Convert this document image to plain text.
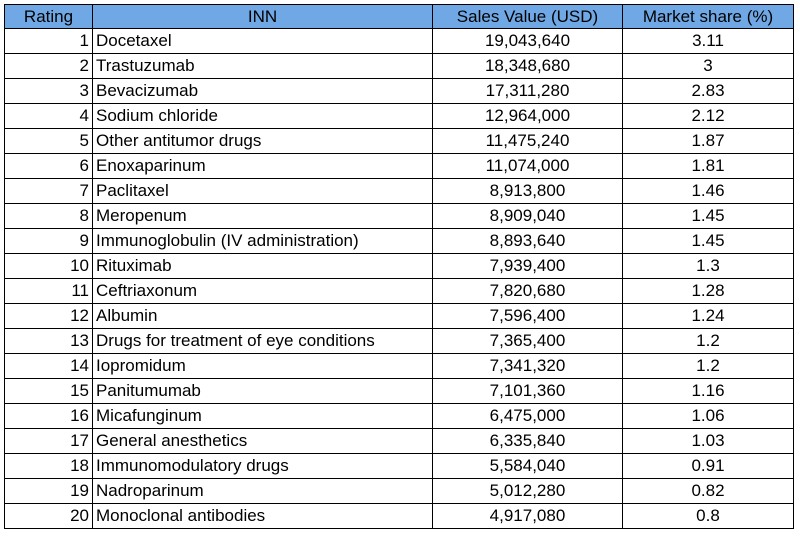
Rating	INN	Sales Value (USD)	Market share (%)
1	Docetaxel	19,043,640	3.11
2	Trastuzumab	18,348,680	3
3	Bevacizumab	17,311,280	2.83
4	Sodium chloride	12,964,000	2.12
5	Other antitumor drugs	11,475,240	1.87
6	Enoxaparinum	11,074,000	1.81
7	Paclitaxel	8,913,800	1.46
8	Meropenum	8,909,040	1.45
9	Immunoglobulin (IV administration)	8,893,640	1.45
10	Rituximab	7,939,400	1.3
11	Ceftriaxonum	7,820,680	1.28
12	Albumin	7,596,400	1.24
13	Drugs for treatment of eye conditions	7,365,400	1.2
14	Iopromidum	7,341,320	1.2
15	Panitumumab	7,101,360	1.16
16	Micafunginum	6,475,000	1.06
17	General anesthetics	6,335,840	1.03
18	Immunomodulatory drugs	5,584,040	0.91
19	Nadroparinum	5,012,280	0.82
20	Monoclonal antibodies	4,917,080	0.8
